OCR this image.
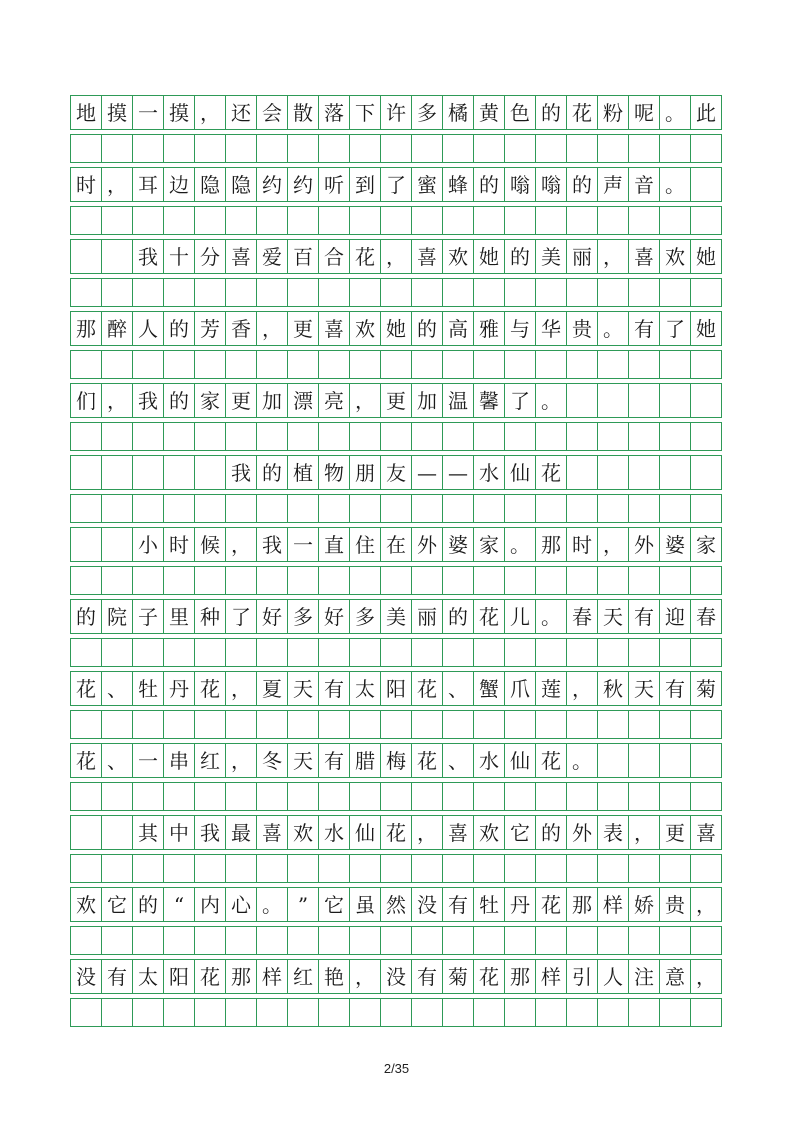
地 摸 一 摸 ， 还 会 散 落 下 许 多 橘 黄 色 的 花 粉 呢 。 此
时 ， 耳 边 隐 隐 约 约 听 到 了 蜜 蜂 的 嗡 嗡 的 声 音 。
我 十 分 喜 爱 百 合 花 ， 喜 欢 她 的 美 丽 ， 喜 欢 她
那 醉 人 的 芳 香 ， 更 喜 欢 她 的 高 雅 与 华 贵 。 有 了 她
们 ， 我 的 家 更 加 漂 亮 ， 更 加 温 馨 了 。
我 的 植 物 朋 友 — — 水 仙 花
小 时 候 ， 我 一 直 住 在 外 婆 家 。 那 时 ， 外 婆 家
的 院 子 里 种 了 好 多 好 多 美 丽 的 花 儿 。 春 天 有 迎 春
花 、 牡 丹 花 ， 夏 天 有 太 阳 花 、 蟹 爪 莲 ， 秋 天 有 菊
花 、 一 串 红 ， 冬 天 有 腊 梅 花 、 水 仙 花 。
其 中 我 最 喜 欢 水 仙 花 ， 喜 欢 它 的 外 表 ， 更 喜
欢 它 的 “ 内 心 。 ” 它 虽 然 没 有 牡 丹 花 那 样 娇 贵 ，
没 有 太 阳 花 那 样 红 艳 ， 没 有 菊 花 那 样 引 人 注 意 ，
2/35
